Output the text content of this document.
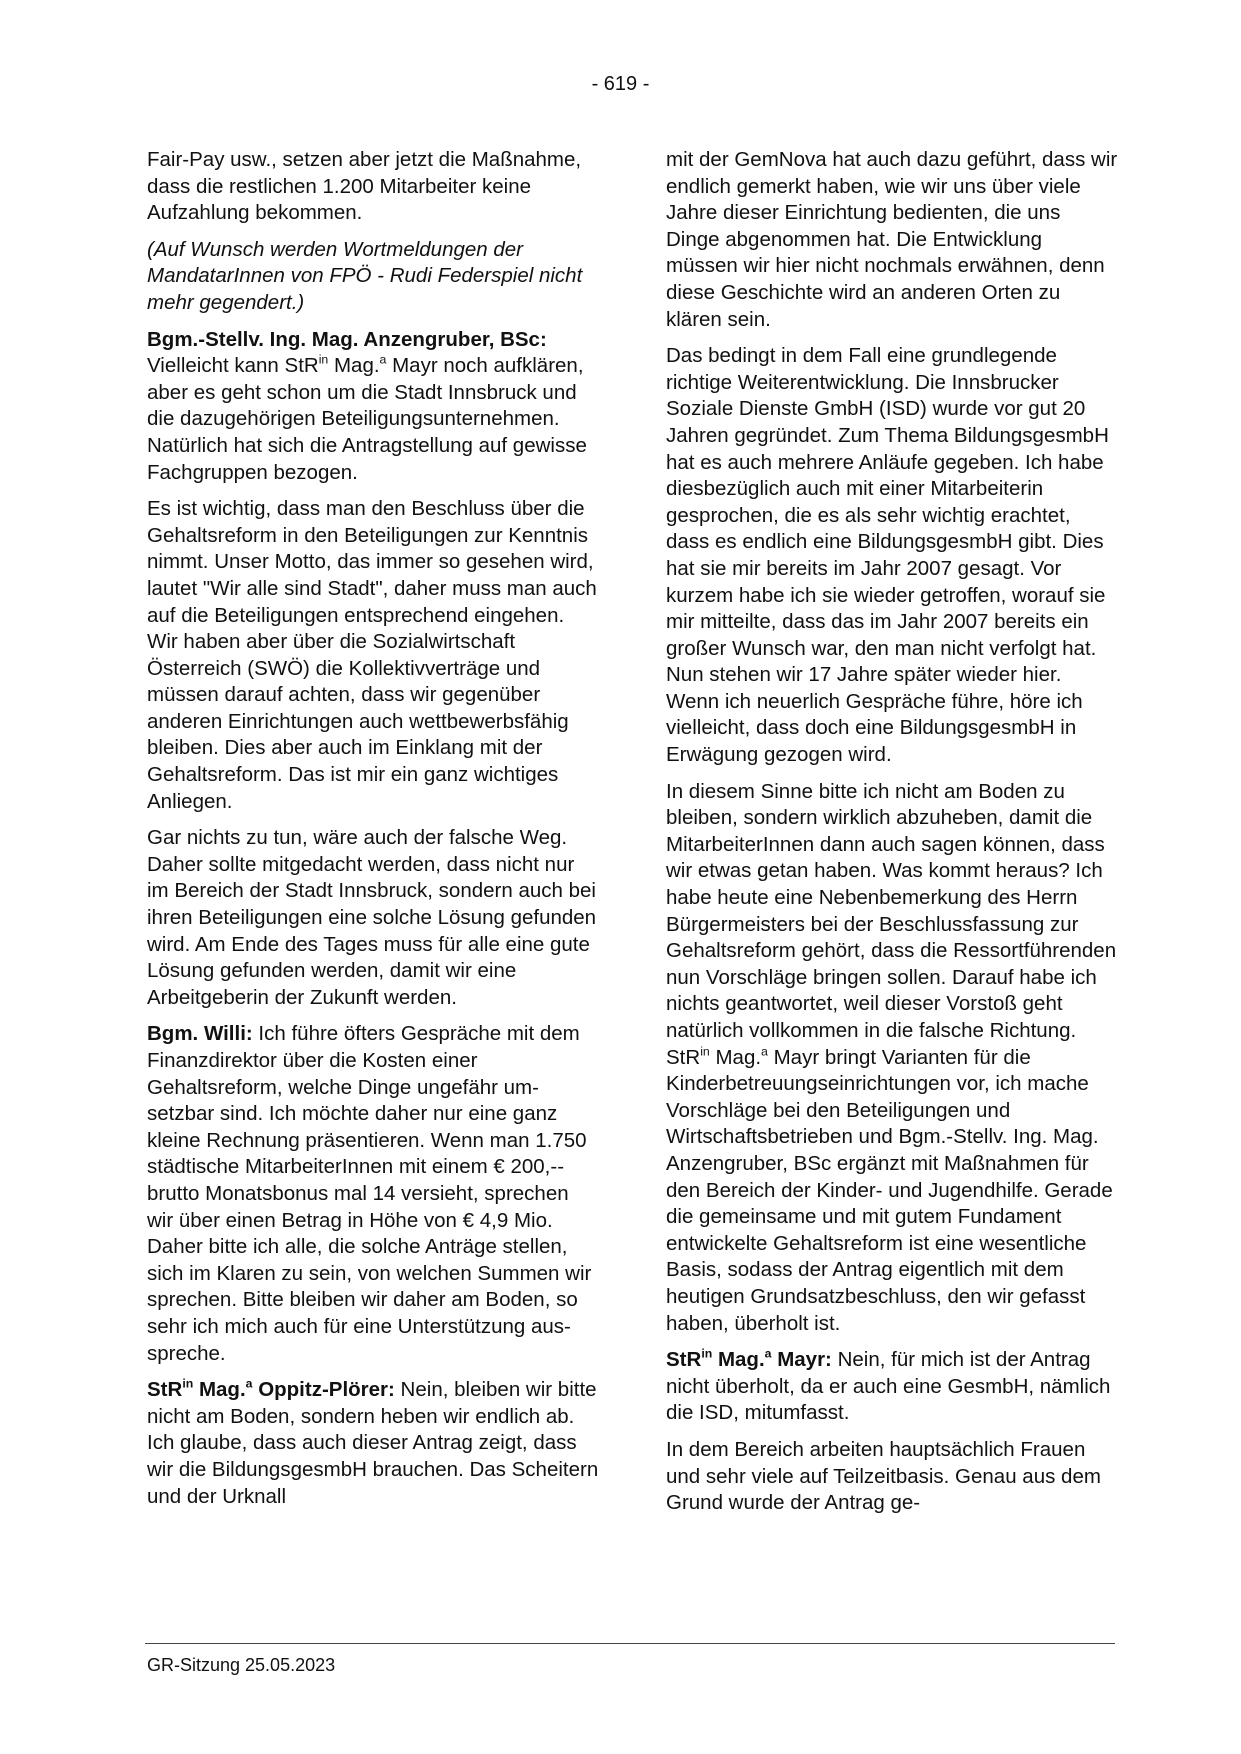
- 619 -

Fair-Pay usw., setzen aber jetzt die Maßnahme, dass die restlichen 1.200 Mitarbeiter keine Aufzahlung bekommen.

(Auf Wunsch werden Wortmeldungen der MandatarInnen von FPÖ - Rudi Federspiel nicht mehr gegendert.)

Bgm.-Stellv. Ing. Mag. Anzengruber, BSc: Vielleicht kann StR$^{in}$ Mag.$^a$ Mayr noch aufklären, aber es geht schon um die Stadt Innsbruck und die dazugehörigen Beteiligungsunternehmen. Natürlich hat sich die Antragstellung auf gewisse Fachgruppen bezogen.

Es ist wichtig, dass man den Beschluss über die Gehaltsreform in den Beteiligungen zur Kenntnis nimmt. Unser Motto, das immer so gesehen wird, lautet "Wir alle sind Stadt", daher muss man auch auf die Beteiligungen entsprechend eingehen. Wir haben aber über die Sozialwirtschaft Österreich (SWÖ) die Kollektivverträge und müssen darauf achten, dass wir gegenüber anderen Einrichtungen auch wettbewerbsfähig bleiben. Dies aber auch im Einklang mit der Gehaltsreform. Das ist mir ein ganz wichtiges Anliegen.

Gar nichts zu tun, wäre auch der falsche Weg. Daher sollte mitgedacht werden, dass nicht nur im Bereich der Stadt Innsbruck, sondern auch bei ihren Beteiligungen eine solche Lösung gefunden wird. Am Ende des Tages muss für alle eine gute Lösung gefunden werden, damit wir eine Arbeitgeberin der Zukunft werden.

Bgm. Willi: Ich führe öfters Gespräche mit dem Finanzdirektor über die Kosten einer Gehaltsreform, welche Dinge ungefähr umsetzbar sind. Ich möchte daher nur eine ganz kleine Rechnung präsentieren. Wenn man 1.750 städtische MitarbeiterInnen mit einem € 200,-- brutto Monatsbonus mal 14 versieht, sprechen wir über einen Betrag in Höhe von € 4,9 Mio. Daher bitte ich alle, die solche Anträge stellen, sich im Klaren zu sein, von welchen Summen wir sprechen. Bitte bleiben wir daher am Boden, so sehr ich mich auch für eine Unterstützung ausspreche.

StR$^{in}$ Mag.$^a$ Oppitz-Plörer: Nein, bleiben wir bitte nicht am Boden, sondern heben wir endlich ab. Ich glaube, dass auch dieser Antrag zeigt, dass wir die BildungsgesmbH brauchen. Das Scheitern und der Urknall

mit der GemNova hat auch dazu geführt, dass wir endlich gemerkt haben, wie wir uns über viele Jahre dieser Einrichtung bedienten, die uns Dinge abgenommen hat. Die Entwicklung müssen wir hier nicht nochmals erwähnen, denn diese Geschichte wird an anderen Orten zu klären sein.

Das bedingt in dem Fall eine grundlegende richtige Weiterentwicklung. Die Innsbrucker Soziale Dienste GmbH (ISD) wurde vor gut 20 Jahren gegründet. Zum Thema BildungsgesmbH hat es auch mehrere Anläufe gegeben. Ich habe diesbezüglich auch mit einer Mitarbeiterin gesprochen, die es als sehr wichtig erachtet, dass es endlich eine BildungsgesmbH gibt. Dies hat sie mir bereits im Jahr 2007 gesagt. Vor kurzem habe ich sie wieder getroffen, worauf sie mir mitteilte, dass das im Jahr 2007 bereits ein großer Wunsch war, den man nicht verfolgt hat. Nun stehen wir 17 Jahre später wieder hier. Wenn ich neuerlich Gespräche führe, höre ich vielleicht, dass doch eine BildungsgesmbH in Erwägung gezogen wird.

In diesem Sinne bitte ich nicht am Boden zu bleiben, sondern wirklich abzuheben, damit die MitarbeiterInnen dann auch sagen können, dass wir etwas getan haben. Was kommt heraus? Ich habe heute eine Nebenbemerkung des Herrn Bürgermeisters bei der Beschlussfassung zur Gehaltsreform gehört, dass die Ressortführenden nun Vorschläge bringen sollen. Darauf habe ich nichts geantwortet, weil dieser Vorstoß geht natürlich vollkommen in die falsche Richtung. StR$^{in}$ Mag.$^a$ Mayr bringt Varianten für die Kinderbetreuungseinrichtungen vor, ich mache Vorschläge bei den Beteiligungen und Wirtschaftsbetrieben und Bgm.-Stellv. Ing. Mag. Anzengruber, BSc ergänzt mit Maßnahmen für den Bereich der Kinder- und Jugendhilfe. Gerade die gemeinsame und mit gutem Fundament entwickelte Gehaltsreform ist eine wesentliche Basis, sodass der Antrag eigentlich mit dem heutigen Grundsatzbeschluss, den wir gefasst haben, überholt ist.

StR$^{in}$ Mag.$^a$ Mayr: Nein, für mich ist der Antrag nicht überholt, da er auch eine GesmbH, nämlich die ISD, mitumfasst.

In dem Bereich arbeiten hauptsächlich Frauen und sehr viele auf Teilzeitbasis. Genau aus dem Grund wurde der Antrag ge-

GR-Sitzung 25.05.2023
